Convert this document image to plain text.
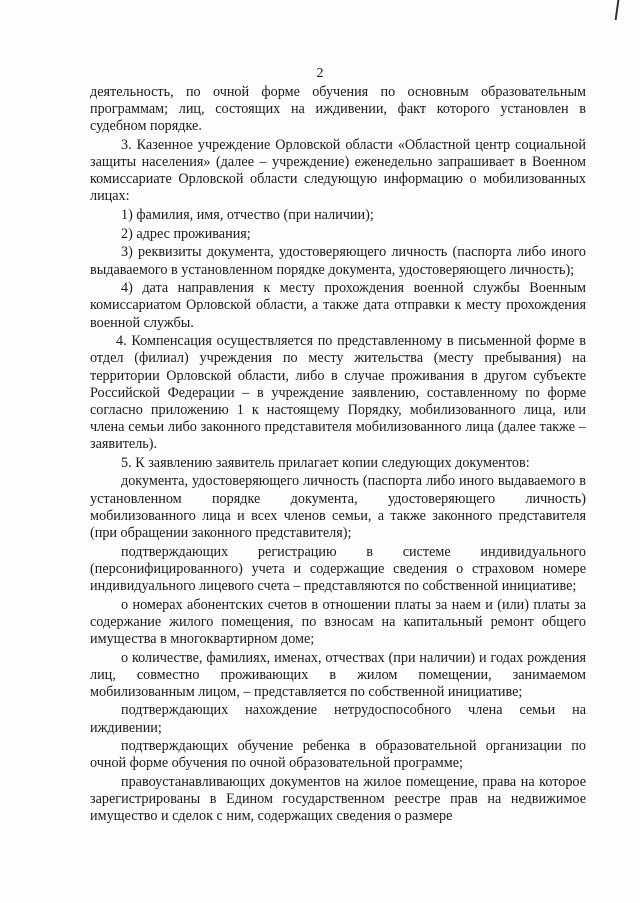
2

деятельность, по очной форме обучения по основным образовательным программам; лиц, состоящих на иждивении, факт которого установлен в судебном порядке.

3. Казенное учреждение Орловской области «Областной центр социальной защиты населения» (далее – учреждение) еженедельно запрашивает в Военном комиссариате Орловской области следующую информацию о мобилизованных лицах:

1) фамилия, имя, отчество (при наличии);

2) адрес проживания;

3) реквизиты документа, удостоверяющего личность (паспорта либо иного выдаваемого в установленном порядке документа, удостоверяющего личность);

4) дата направления к месту прохождения военной службы Военным комиссариатом Орловской области, а также дата отправки к месту прохождения военной службы.

4. Компенсация осуществляется по представленному в письменной форме в отдел (филиал) учреждения по месту жительства (месту пребывания) на территории Орловской области, либо в случае проживания в другом субъекте Российской Федерации – в учреждение заявлению, составленному по форме согласно приложению 1 к настоящему Порядку, мобилизованного лица, или члена семьи либо законного представителя мобилизованного лица (далее также – заявитель).

5. К заявлению заявитель прилагает копии следующих документов:

документа, удостоверяющего личность (паспорта либо иного выдаваемого в установленном порядке документа, удостоверяющего личность) мобилизованного лица и всех членов семьи, а также законного представителя (при обращении законного представителя);

подтверждающих регистрацию в системе индивидуального (персонифицированного) учета и содержащие сведения о страховом номере индивидуального лицевого счета – представляются по собственной инициативе;

о номерах абонентских счетов в отношении платы за наем и (или) платы за содержание жилого помещения, по взносам на капитальный ремонт общего имущества в многоквартирном доме;

о количестве, фамилиях, именах, отчествах (при наличии) и годах рождения лиц, совместно проживающих в жилом помещении, занимаемом мобилизованным лицом, – представляется по собственной инициативе;

подтверждающих нахождение нетрудоспособного члена семьи на иждивении;

подтверждающих обучение ребенка в образовательной организации по очной форме обучения по очной образовательной программе;

правоустанавливающих документов на жилое помещение, права на которое зарегистрированы в Едином государственном реестре прав на недвижимое имущество и сделок с ним, содержащих сведения о размере
